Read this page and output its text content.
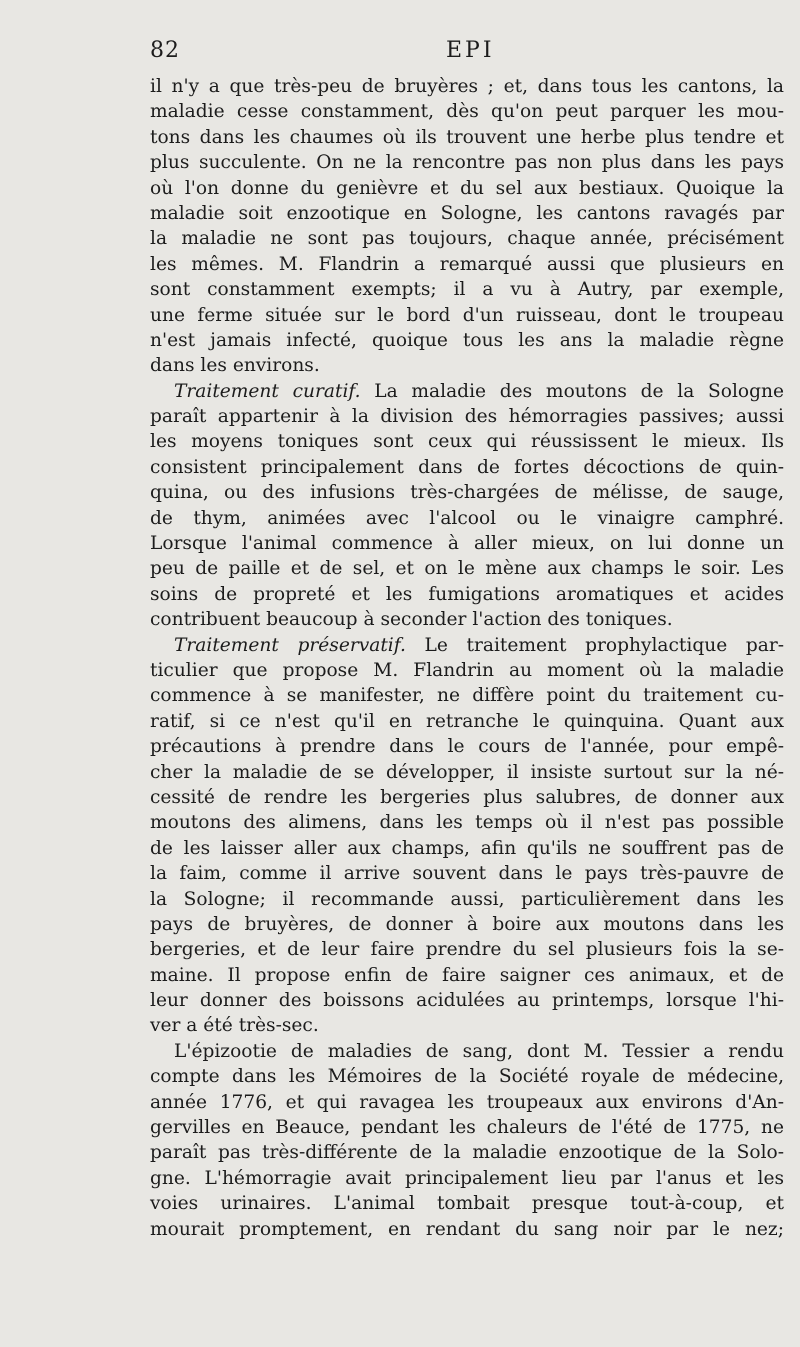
82	EPI
il n'y a que très-peu de bruyères ; et, dans tous les cantons, la
maladie cesse constamment, dès qu'on peut parquer les mou-
tons dans les chaumes où ils trouvent une herbe plus tendre et
plus succulente. On ne la rencontre pas non plus dans les pays
où l'on donne du genièvre et du sel aux bestiaux. Quoique la
maladie soit enzootique en Sologne, les cantons ravagés par
la maladie ne sont pas toujours, chaque année, précisément
les mêmes. M. Flandrin a remarqué aussi que plusieurs en
sont constamment exempts; il a vu à Autry, par exemple,
une ferme située sur le bord d'un ruisseau, dont le troupeau
n'est jamais infecté, quoique tous les ans la maladie règne
dans les environs.
Traitement curatif. La maladie des moutons de la Sologne
paraît appartenir à la division des hémorragies passives; aussi
les moyens toniques sont ceux qui réussissent le mieux. Ils
consistent principalement dans de fortes décoctions de quin-
quina, ou des infusions très-chargées de mélisse, de sauge,
de thym, animées avec l'alcool ou le vinaigre camphré.
Lorsque l'animal commence à aller mieux, on lui donne un
peu de paille et de sel, et on le mène aux champs le soir. Les
soins de propreté et les fumigations aromatiques et acides
contribuent beaucoup à seconder l'action des toniques.
Traitement préservatif. Le traitement prophylactique par-
ticulier que propose M. Flandrin au moment où la maladie
commence à se manifester, ne diffère point du traitement cu-
ratif, si ce n'est qu'il en retranche le quinquina. Quant aux
précautions à prendre dans le cours de l'année, pour empê-
cher la maladie de se développer, il insiste surtout sur la né-
cessité de rendre les bergeries plus salubres, de donner aux
moutons des alimens, dans les temps où il n'est pas possible
de les laisser aller aux champs, afin qu'ils ne souffrent pas de
la faim, comme il arrive souvent dans le pays très-pauvre de
la Sologne; il recommande aussi, particulièrement dans les
pays de bruyères, de donner à boire aux moutons dans les
bergeries, et de leur faire prendre du sel plusieurs fois la se-
maine. Il propose enfin de faire saigner ces animaux, et de
leur donner des boissons acidulées au printemps, lorsque l'hi-
ver a été très-sec.
L'épizootie de maladies de sang, dont M. Tessier a rendu
compte dans les Mémoires de la Société royale de médecine,
année 1776, et qui ravagea les troupeaux aux environs d'An-
gervilles en Beauce, pendant les chaleurs de l'été de 1775, ne
paraît pas très-différente de la maladie enzootique de la Solo-
gne. L'hémorragie avait principalement lieu par l'anus et les
voies urinaires. L'animal tombait presque tout-à-coup, et
mourait promptement, en rendant du sang noir par le nez;
